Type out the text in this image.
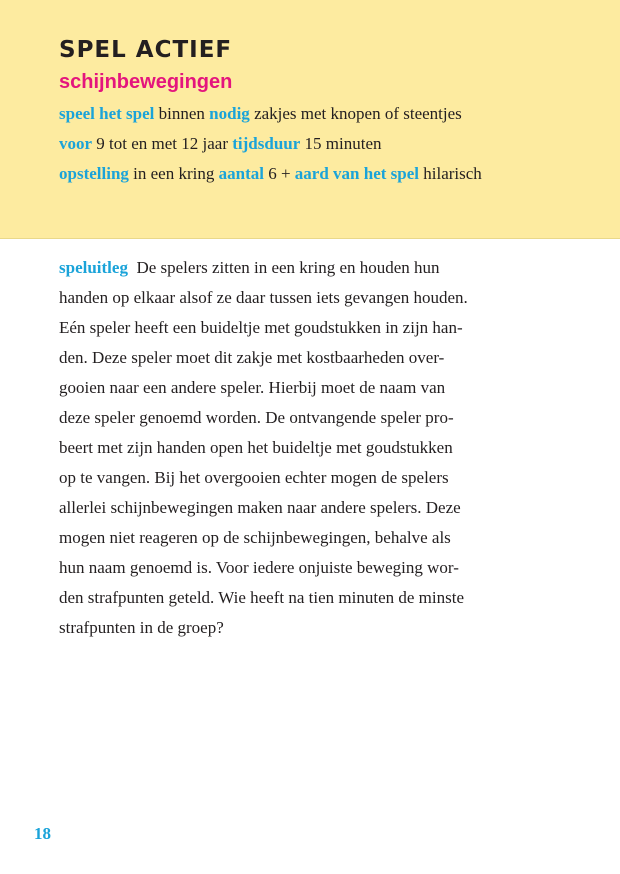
SPEL ACTIEF
schijnbewegingen

speel het spel binnen nodig zakjes met knopen of steentjes

voor 9 tot en met 12 jaar tijdsduur 15 minuten

opstelling in een kring aantal 6 + aard van het spel hilarisch

speluitleg De spelers zitten in een kring en houden hun
handen op elkaar alsof ze daar tussen iets gevangen houden.
Eén speler heeft een buideltje met goudstukken in zijn han-
den. Deze speler moet dit zakje met kostbaarheden over-
gooien naar een andere speler. Hierbij moet de naam van
deze speler genoemd worden. De ontvangende speler pro-
beert met zijn handen open het buideltje met goudstukken
op te vangen. Bij het overgooien echter mogen de spelers
allerlei schijnbewegingen maken naar andere spelers. Deze
mogen niet reageren op de schijnbewegingen, behalve als
hun naam genoemd is. Voor iedere onjuiste beweging wor-
den strafpunten geteld. Wie heeft na tien minuten de minste
strafpunten in de groep?
18
